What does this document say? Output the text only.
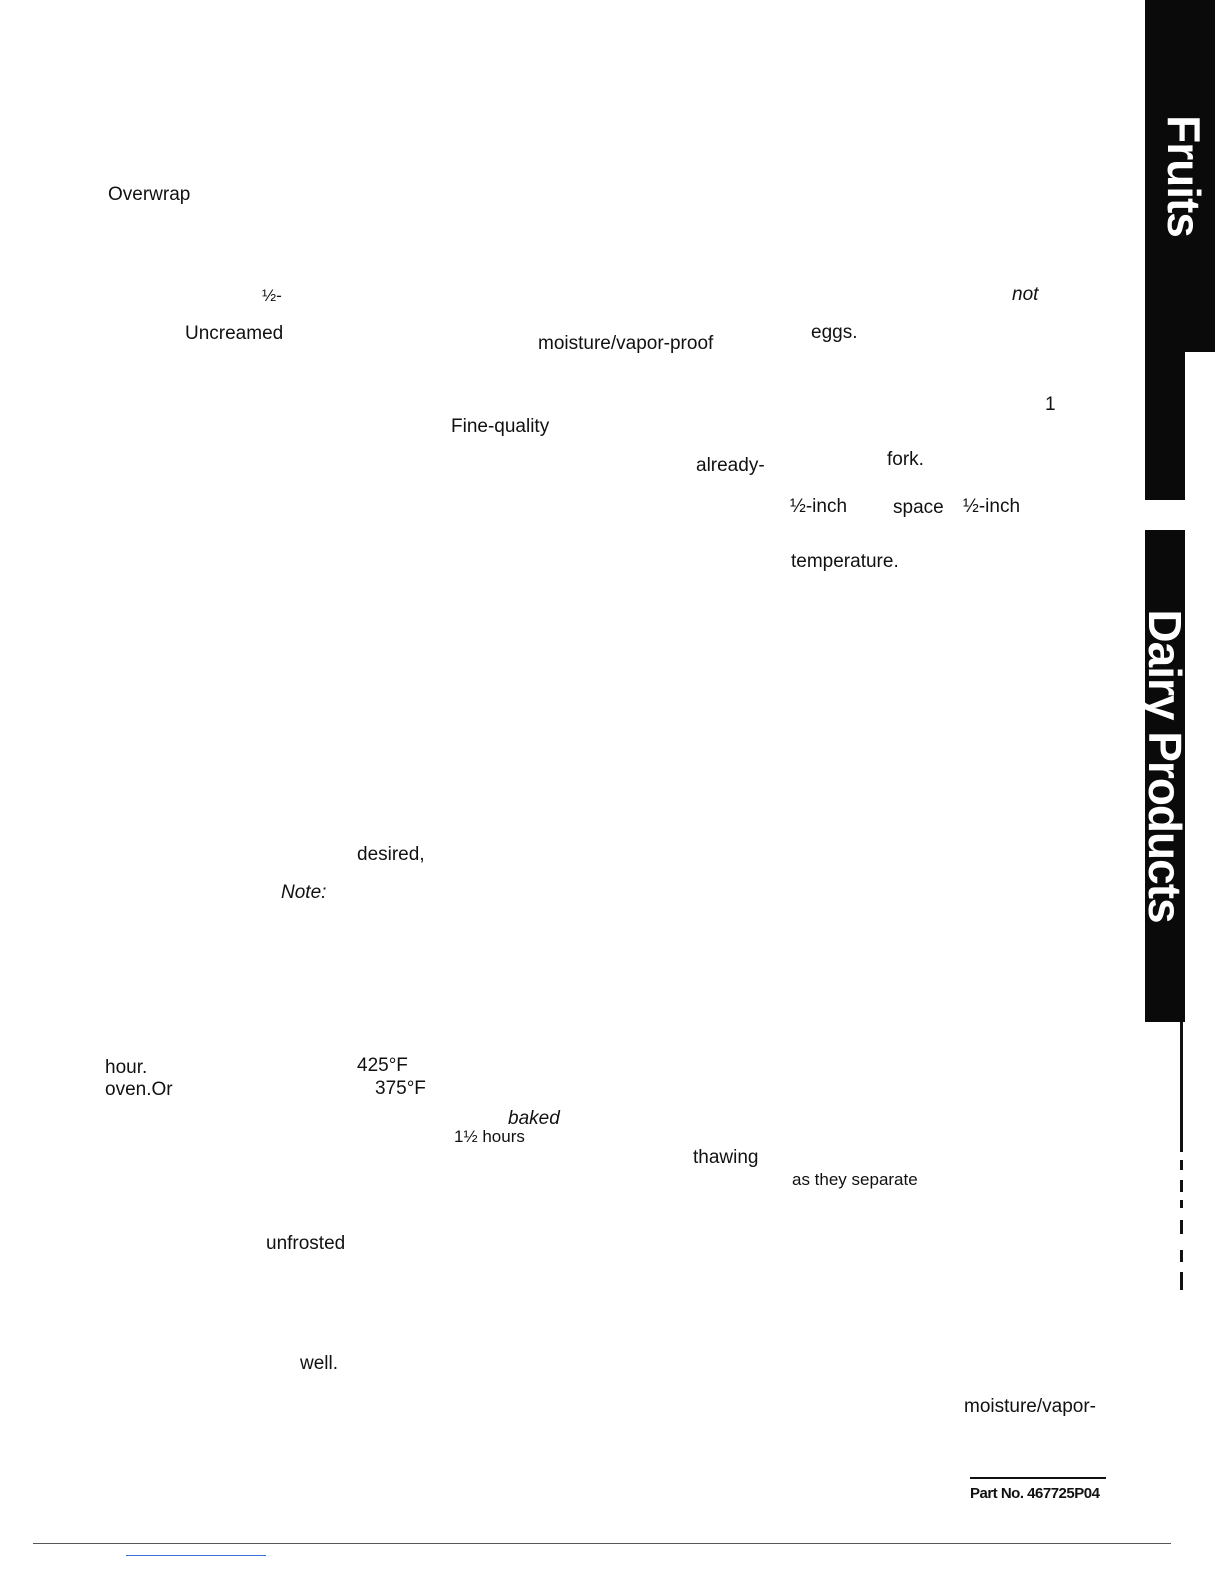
Fruits
Dairy Products
Overwrap
½-	not
Uncreamed	moisture/vapor-proof
eggs.
1
Fine-quality
already-	fork.
½-inch space ½-inch
temperature.
desired,
Note:
hour.	425°F
oven.Or	375°F
baked
1½ hours
thawing
as they separate
unfrosted
well.
moisture/vapor-
Part No. 467725P04
